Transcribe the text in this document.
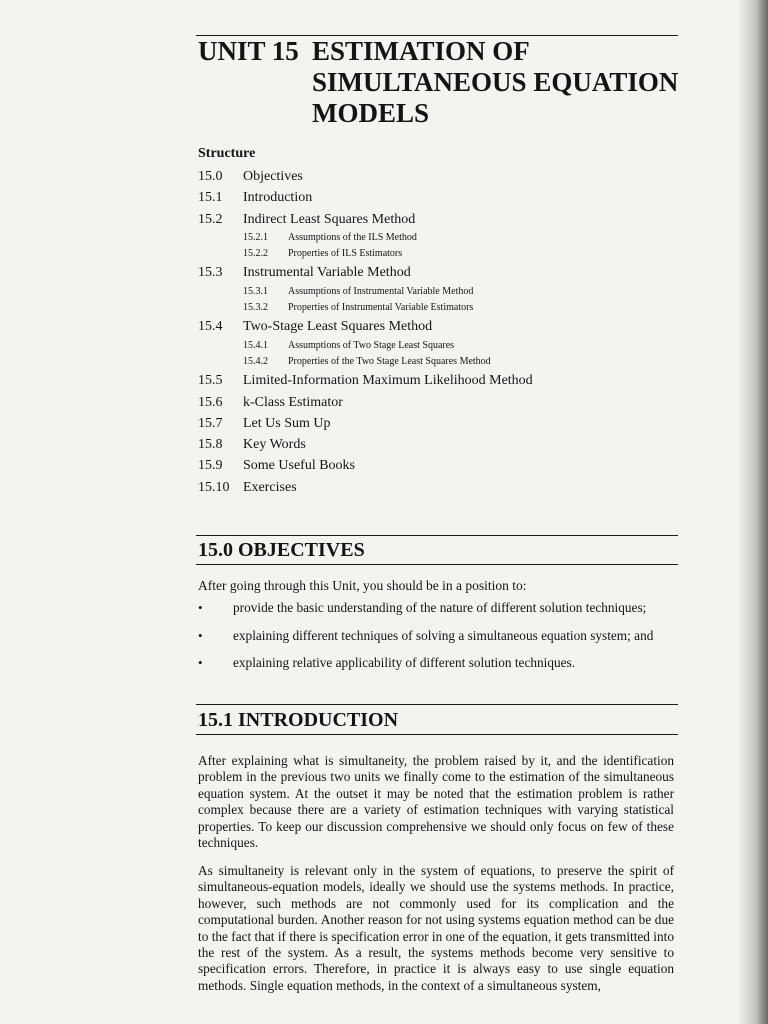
UNIT 15 ESTIMATION OF
SIMULTANEOUS EQUATION
MODELS
Structure
15.0 Objectives
15.1 Introduction
15.2 Indirect Least Squares Method
15.2.1 Assumptions of the ILS Method
15.2.2 Properties of ILS Estimators
15.3 Instrumental Variable Method
15.3.1 Assumptions of Instrumental Variable Method
15.3.2 Properties of Instrumental Variable Estimators
15.4 Two-Stage Least Squares Method
15.4.1 Assumptions of Two Stage Least Squares
15.4.2 Properties of the Two Stage Least Squares Method
15.5 Limited-Information Maximum Likelihood Method
15.6 k-Class Estimator
15.7 Let Us Sum Up
15.8 Key Words
15.9 Some Useful Books
15.10 Exercises
15.0 OBJECTIVES
After going through this Unit, you should be in a position to:
• provide the basic understanding of the nature of different solution techniques;
• explaining different techniques of solving a simultaneous equation system; and
• explaining relative applicability of different solution techniques.
15.1 INTRODUCTION
After explaining what is simultaneity, the problem raised by it, and the identification problem in the previous two units we finally come to the estimation of the simultaneous equation system. At the outset it may be noted that the estimation problem is rather complex because there are a variety of estimation techniques with varying statistical properties. To keep our discussion comprehensive we should only focus on few of these techniques.
As simultaneity is relevant only in the system of equations, to preserve the spirit of simultaneous-equation models, ideally we should use the systems methods. In practice, however, such methods are not commonly used for its complication and the computational burden. Another reason for not using systems equation method can be due to the fact that if there is specification error in one of the equation, it gets transmitted into the rest of the system. As a result, the systems methods become very sensitive to specification errors. Therefore, in practice it is always easy to use single equation methods. Single equation methods, in the context of a simultaneous system,
